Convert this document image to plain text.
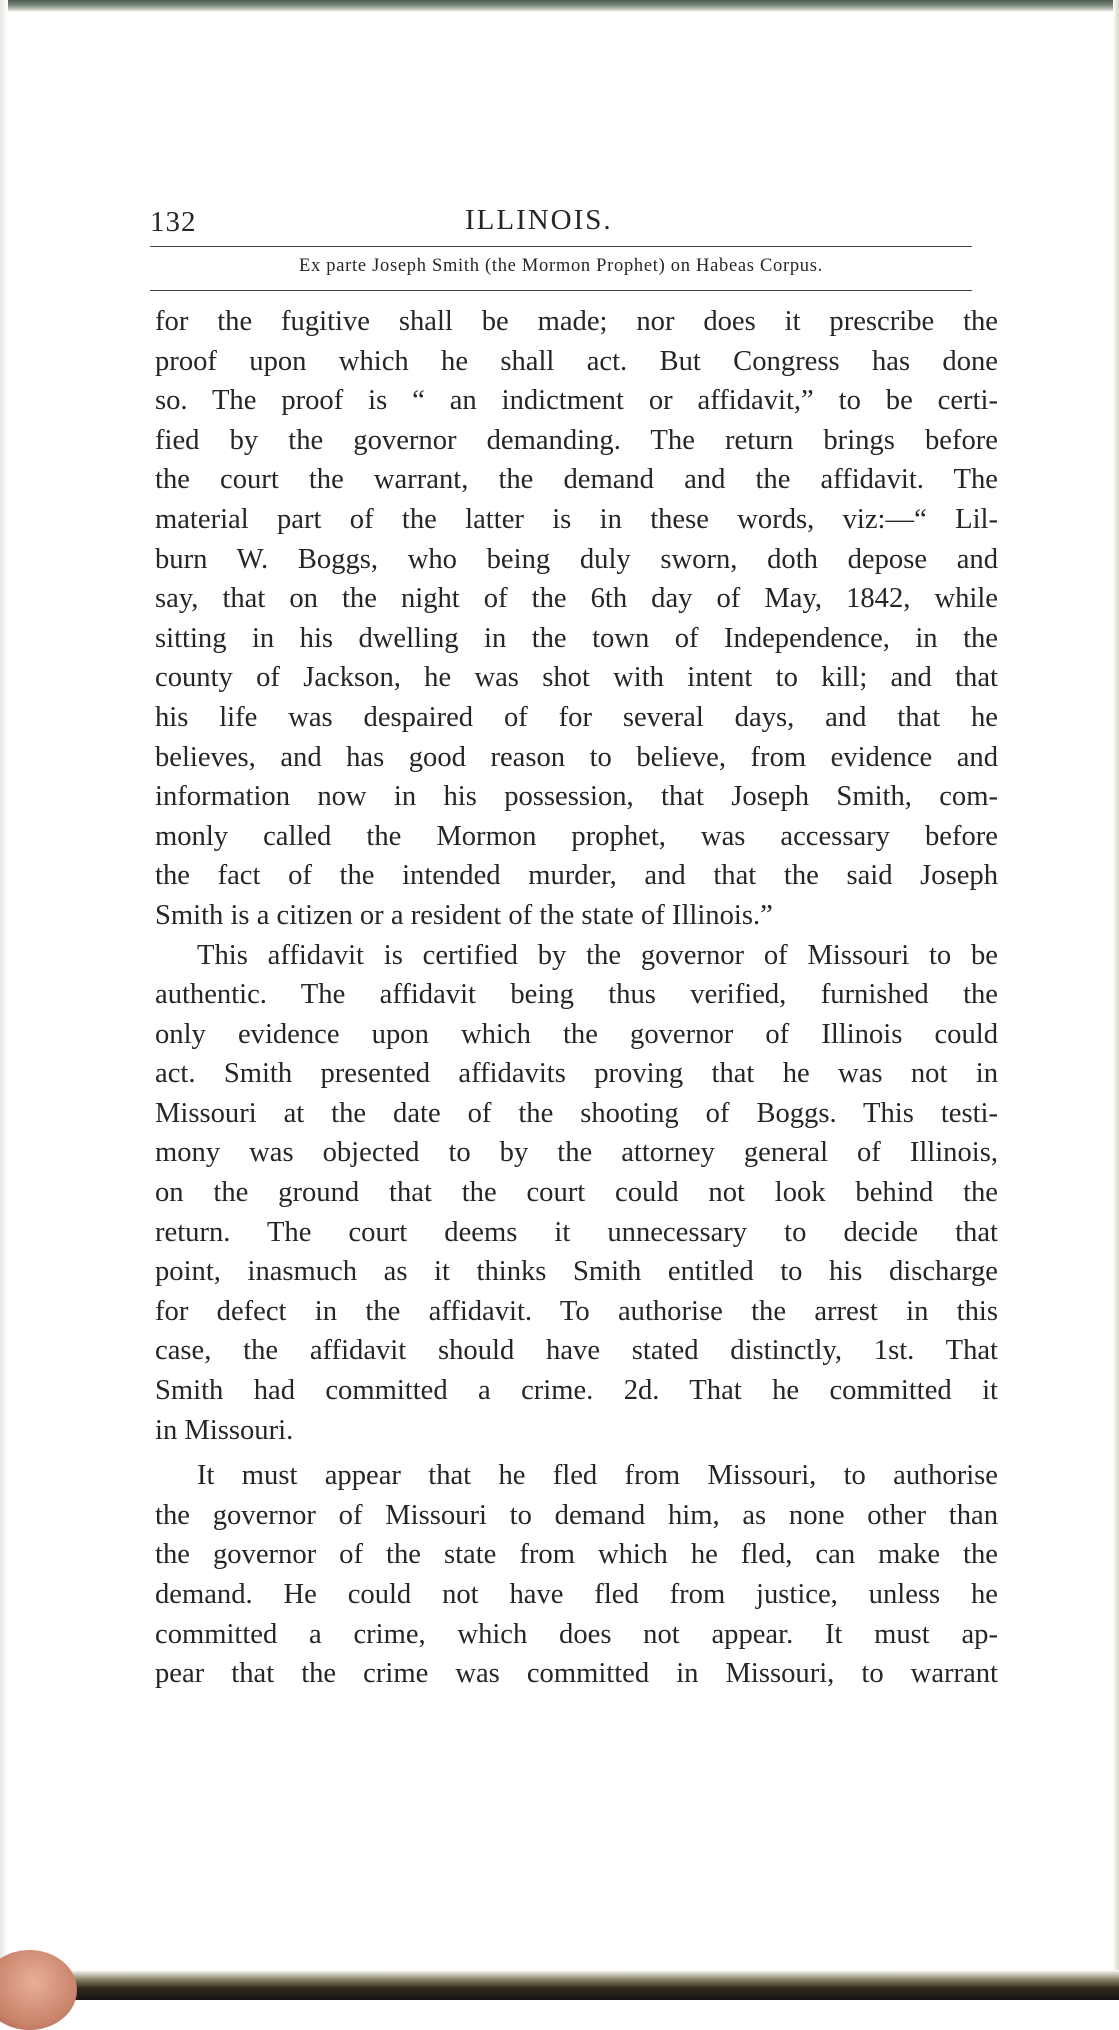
132	ILLINOIS.
Ex parte Joseph Smith (the Mormon Prophet) on Habeas Corpus.
for the fugitive shall be made; nor does it prescribe the
proof upon which he shall act. But Congress has done
so. The proof is “ an indictment or affidavit,” to be certi-
fied by the governor demanding. The return brings before
the court the warrant, the demand and the affidavit. The
material part of the latter is in these words, viz:—“ Lil-
burn W. Boggs, who being duly sworn, doth depose and
say, that on the night of the 6th day of May, 1842, while
sitting in his dwelling in the town of Independence, in the
county of Jackson, he was shot with intent to kill; and that
his life was despaired of for several days, and that he
believes, and has good reason to believe, from evidence and
information now in his possession, that Joseph Smith, com-
monly called the Mormon prophet, was accessary before
the fact of the intended murder, and that the said Joseph
Smith is a citizen or a resident of the state of Illinois.”
This affidavit is certified by the governor of Missouri to be
authentic. The affidavit being thus verified, furnished the
only evidence upon which the governor of Illinois could
act. Smith presented affidavits proving that he was not in
Missouri at the date of the shooting of Boggs. This testi-
mony was objected to by the attorney general of Illinois,
on the ground that the court could not look behind the
return. The court deems it unnecessary to decide that
point, inasmuch as it thinks Smith entitled to his discharge
for defect in the affidavit. To authorise the arrest in this
case, the affidavit should have stated distinctly, 1st. That
Smith had committed a crime. 2d. That he committed it
in Missouri.
It must appear that he fled from Missouri, to authorise
the governor of Missouri to demand him, as none other than
the governor of the state from which he fled, can make the
demand. He could not have fled from justice, unless he
committed a crime, which does not appear. It must ap-
pear that the crime was committed in Missouri, to warrant
